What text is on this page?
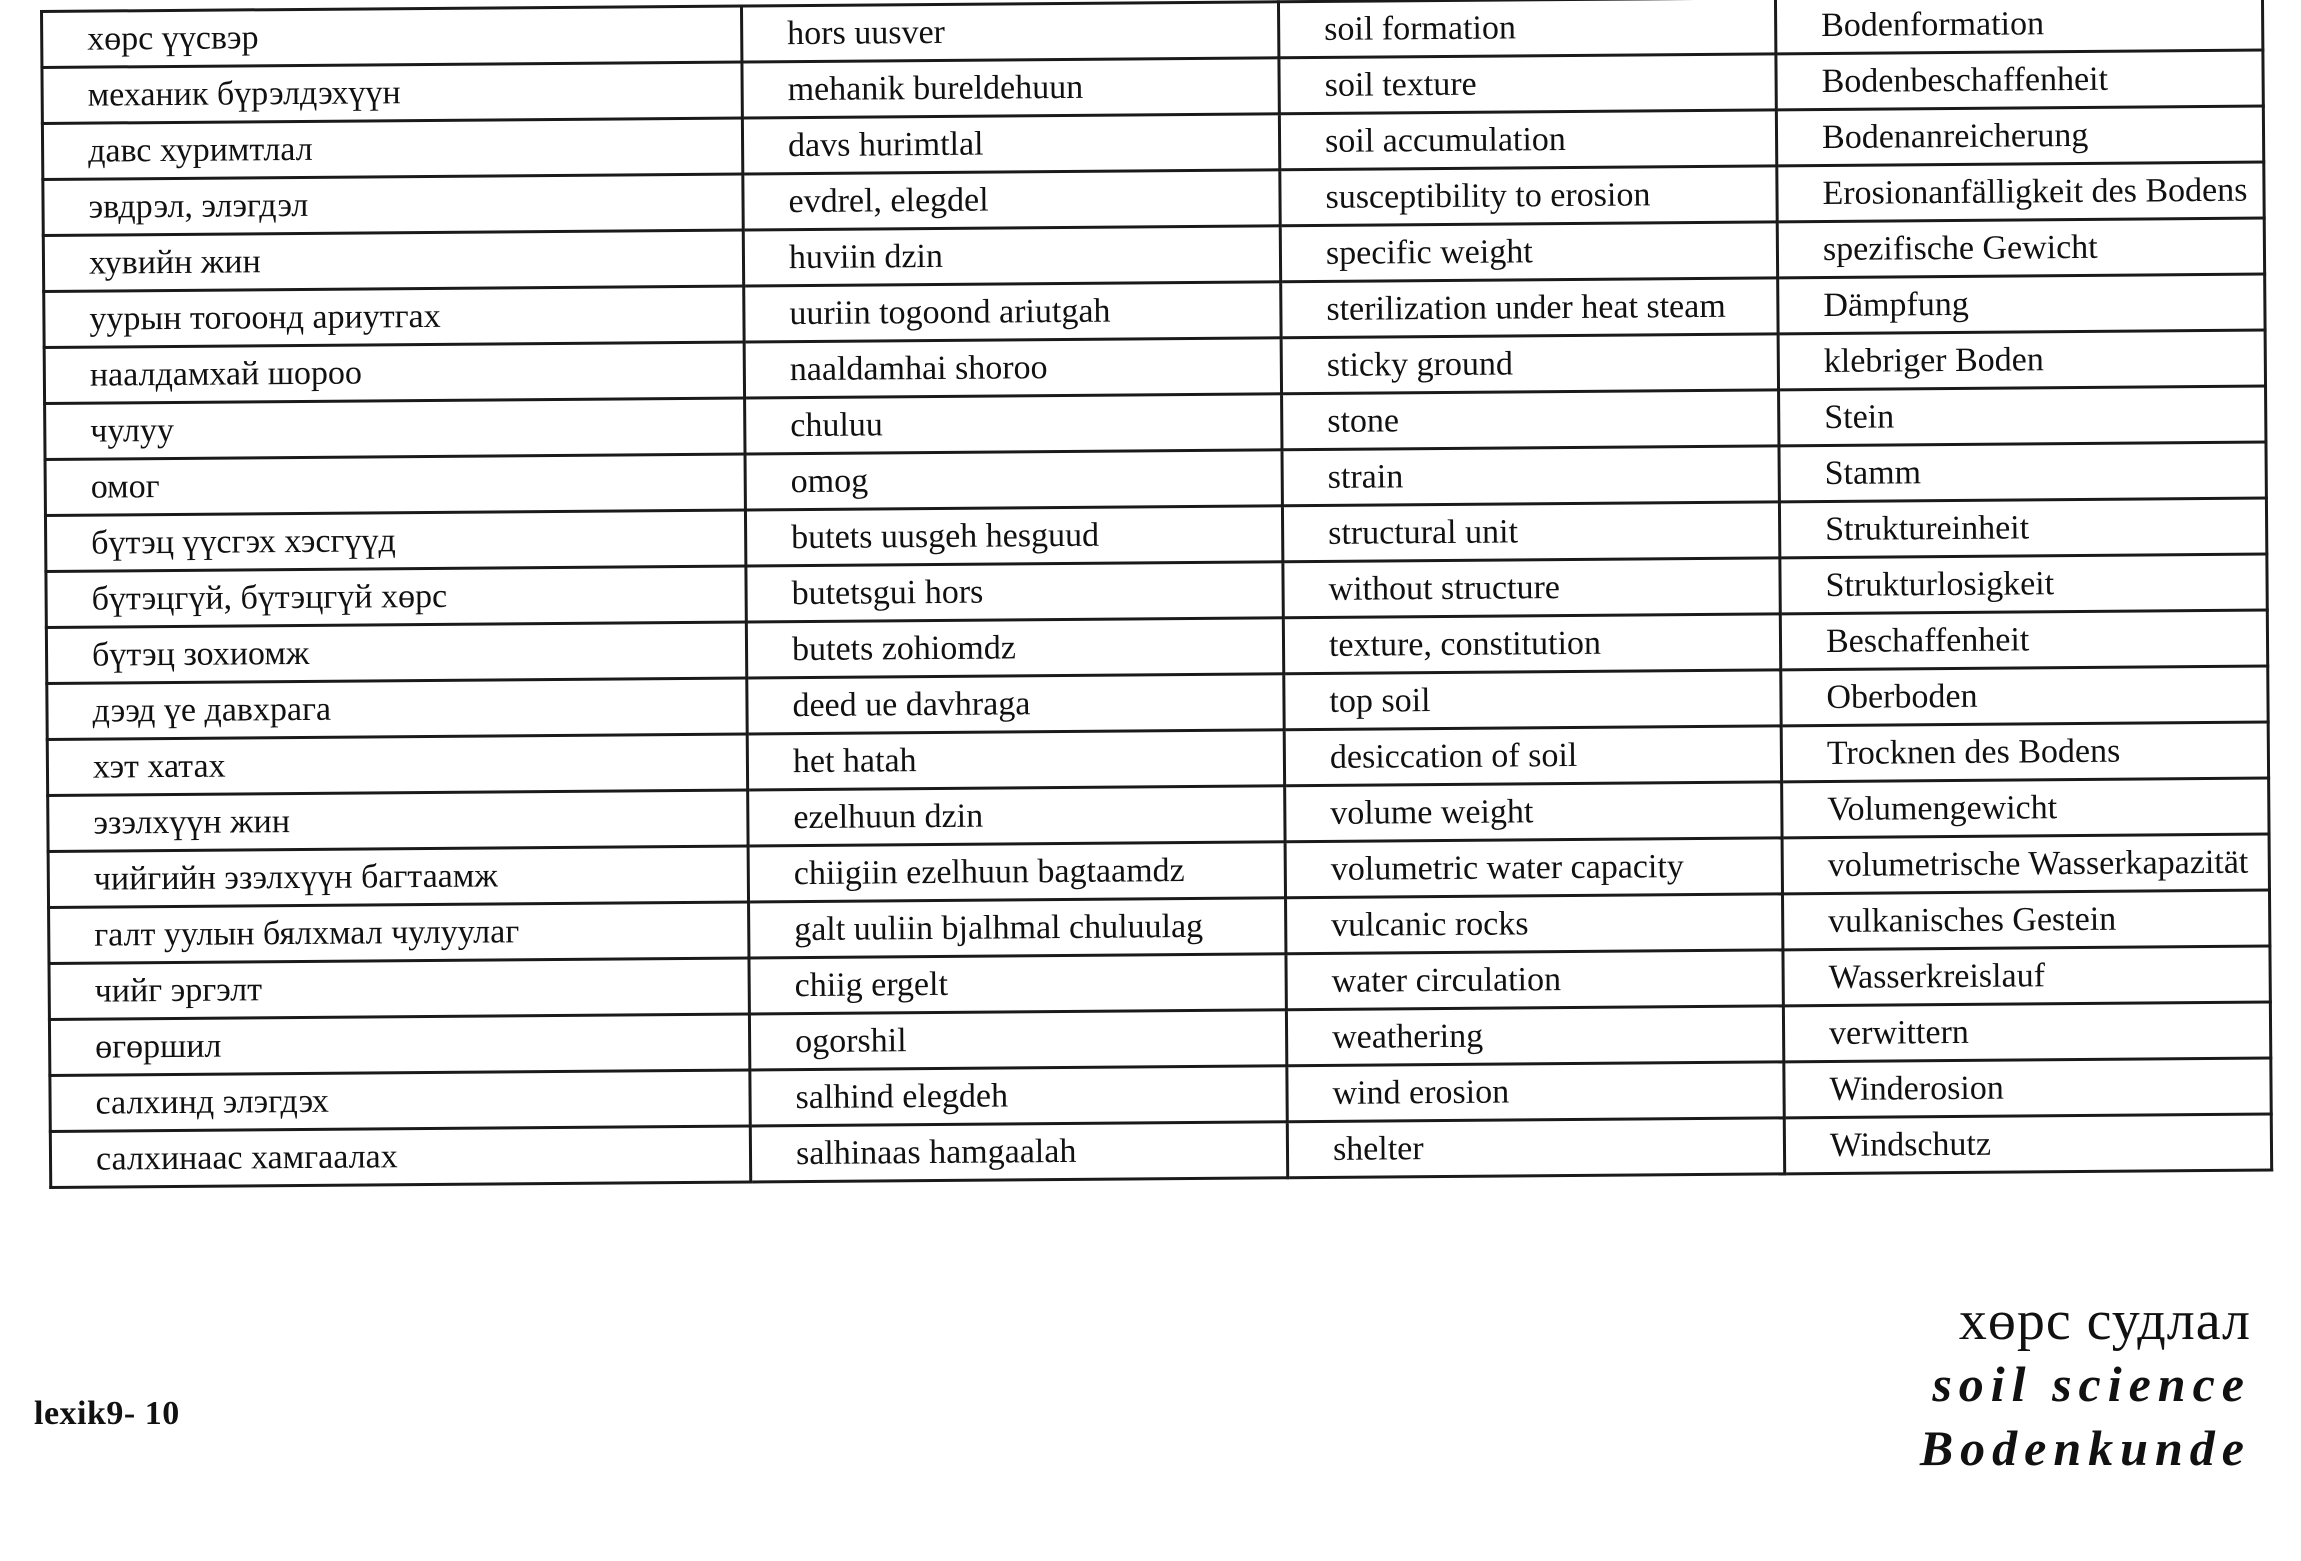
хөрс үүсвэр	hors uusver	soil formation	Bodenformation
механик бүрэлдэхүүн	mehanik bureldehuun	soil texture	Bodenbeschaffenheit
давс хуримтлал	davs hurimtlal	soil accumulation	Bodenanreicherung
эвдрэл, элэгдэл	evdrel, elegdel	susceptibility to erosion	Erosionanfälligkeit des Bodens
хувийн жин	huviin dzin	specific weight	spezifische Gewicht
уурын тогоонд ариутгах	uuriin togoond ariutgah	sterilization under heat steam	Dämpfung
наалдамхай шороо	naaldamhai shoroo	sticky ground	klebriger Boden
чулуу	chuluu	stone	Stein
омог	omog	strain	Stamm
бүтэц үүсгэх хэсгүүд	butets uusgeh hesguud	structural unit	Struktureinheit
бүтэцгүй, бүтэцгүй хөрс	butetsgui hors	without structure	Strukturlosigkeit
бүтэц зохиомж	butets zohiomdz	texture, constitution	Beschaffenheit
дээд үе давхрага	deed ue davhraga	top soil	Oberboden
хэт хатах	het hatah	desiccation of soil	Trocknen des Bodens
эзэлхүүн жин	ezelhuun dzin	volume weight	Volumengewicht
чийгийн эзэлхүүн багтаамж	chiigiin ezelhuun bagtaamdz	volumetric water capacity	volumetrische Wasserkapazität
галт уулын бялхмал чулуулаг	galt uuliin bjalhmal chuluulag	vulcanic rocks	vulkanisches Gestein
чийг эргэлт	chiig ergelt	water circulation	Wasserkreislauf
өгөршил	ogorshil	weathering	verwittern
салхинд элэгдэх	salhind elegdeh	wind erosion	Winderosion
салхинаас хамгаалах	salhinaas hamgaalah	shelter	Windschutz
lexik9- 10
хөрс судлал
soil science
Bodenkunde
